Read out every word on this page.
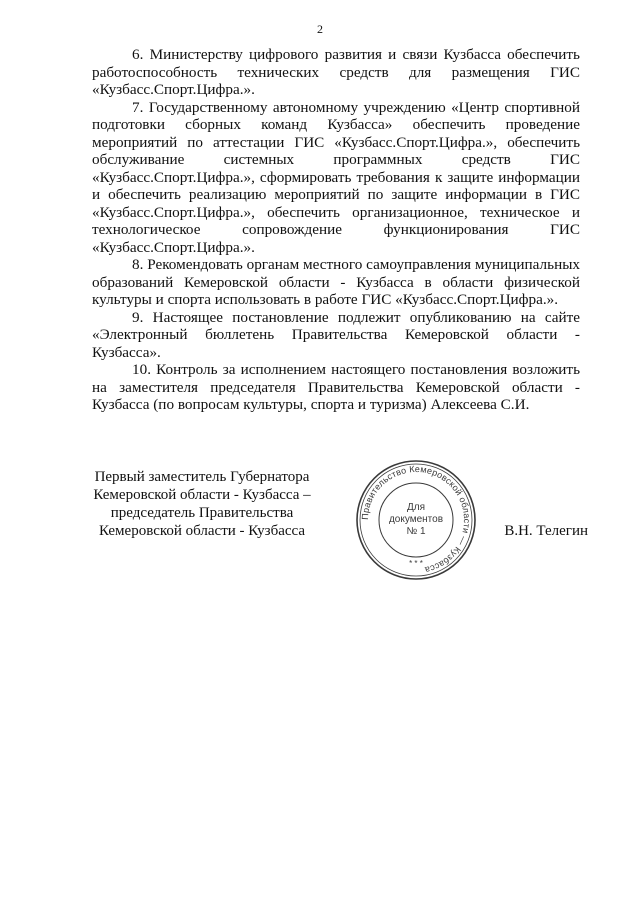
2

6. Министерству цифрового развития и связи Кузбасса обеспечить работоспособность технических средств для размещения ГИС «Кузбасс.Спорт.Цифра.».

7. Государственному автономному учреждению «Центр спортивной подготовки сборных команд Кузбасса» обеспечить проведение мероприятий по аттестации ГИС «Кузбасс.Спорт.Цифра.», обеспечить обслуживание системных программных средств ГИС «Кузбасс.Спорт.Цифра.», сформировать требования к защите информации и обеспечить реализацию мероприятий по защите информации в ГИС «Кузбасс.Спорт.Цифра.», обеспечить организационное, техническое и технологическое сопровождение функционирования ГИС «Кузбасс.Спорт.Цифра.».

8. Рекомендовать органам местного самоуправления муниципальных образований Кемеровской области - Кузбасса в области физической культуры и спорта использовать в работе ГИС «Кузбасс.Спорт.Цифра.».

9. Настоящее постановление подлежит опубликованию на сайте «Электронный бюллетень Правительства Кемеровской области - Кузбасса».

10. Контроль за исполнением настоящего постановления возложить на заместителя председателя Правительства Кемеровской области - Кузбасса (по вопросам культуры, спорта и туризма) Алексеева С.И.

Первый заместитель Губернатора
Кемеровской области - Кузбасса –
председатель Правительства
Кемеровской области - Кузбасса
Правительство Кемеровской области — Кузбасса
* * *
Для
документов
№ 1	В.Н. Телегин
